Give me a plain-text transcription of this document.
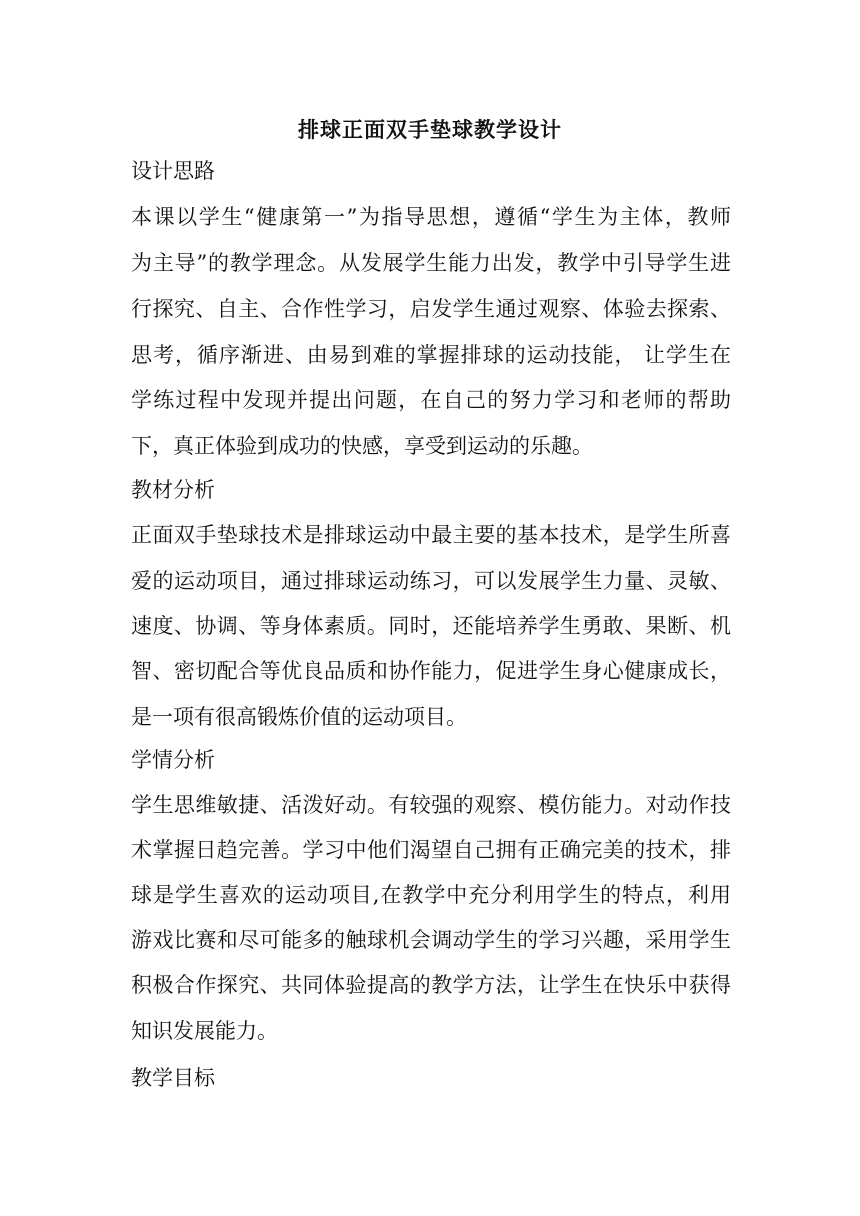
排球正面双手垫球教学设计
设计思路
本课以学生“健康第一”为指导思想，遵循“学生为主体，教师
为主导”的教学理念。从发展学生能力出发，教学中引导学生进
行探究、自主、合作性学习，启发学生通过观察、体验去探索、
思考，循序渐进、由易到难的掌握排球的运动技能， 让学生在
学练过程中发现并提出问题，在自己的努力学习和老师的帮助
下，真正体验到成功的快感，享受到运动的乐趣。
教材分析
正面双手垫球技术是排球运动中最主要的基本技术，是学生所喜
爱的运动项目，通过排球运动练习，可以发展学生力量、灵敏、
速度、协调、等身体素质。同时，还能培养学生勇敢、果断、机
智、密切配合等优良品质和协作能力，促进学生身心健康成长，
是一项有很高锻炼价值的运动项目。
学情分析
学生思维敏捷、活泼好动。有较强的观察、模仿能力。对动作技
术掌握日趋完善。学习中他们渴望自己拥有正确完美的技术，排
球是学生喜欢的运动项目,在教学中充分利用学生的特点，利用
游戏比赛和尽可能多的触球机会调动学生的学习兴趣，采用学生
积极合作探究、共同体验提高的教学方法，让学生在快乐中获得
知识发展能力。
教学目标
